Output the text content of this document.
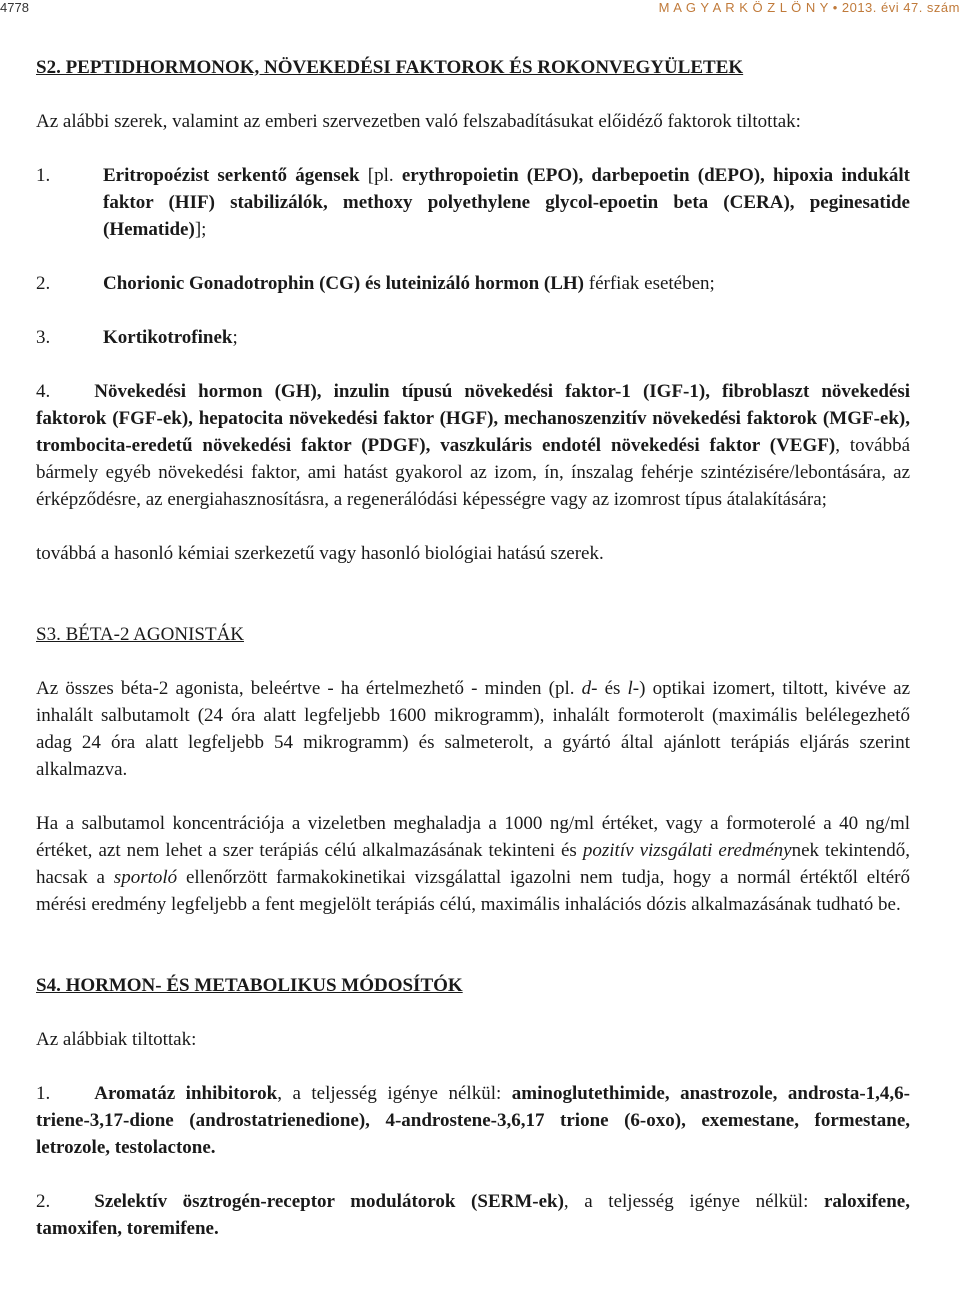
4778	M A G Y A R K Ö Z L Ö N Y • 2013. évi 47. szám

S2. PEPTIDHORMONOK, NÖVEKEDÉSI FAKTOROK ÉS ROKONVEGYÜLETEK

Az alábbi szerek, valamint az emberi szervezetben való felszabadításukat előidéző faktorok tiltottak:

1.	Eritropoézist serkentő ágensek [pl. erythropoietin (EPO), darbepoetin (dEPO), hipoxia indukált faktor (HIF) stabilizálók, methoxy polyethylene glycol-epoetin beta (CERA), peginesatide (Hematide)];
2.	Chorionic Gonadotrophin (CG) és luteinizáló hormon (LH) férfiak esetében;
3.	Kortikotrofinek;
4. Növekedési hormon (GH), inzulin típusú növekedési faktor-1 (IGF-1), fibroblaszt növekedési faktorok (FGF-ek), hepatocita növekedési faktor (HGF), mechanoszenzitív növekedési faktorok (MGF-ek), trombocita-eredetű növekedési faktor (PDGF), vaszkuláris endotél növekedési faktor (VEGF), továbbá bármely egyéb növekedési faktor, ami hatást gyakorol az izom, ín, ínszalag fehérje szintézisére/lebontására, az érképződésre, az energiahasznosításra, a regenerálódási képességre vagy az izomrost típus átalakítására;

továbbá a hasonló kémiai szerkezetű vagy hasonló biológiai hatású szerek.

S3. BÉTA-2 AGONISTÁK

Az összes béta-2 agonista, beleértve - ha értelmezhető - minden (pl. d- és l-) optikai izomert, tiltott, kivéve az inhalált salbutamolt (24 óra alatt legfeljebb 1600 mikrogramm), inhalált formoterolt (maximális belélegezhető adag 24 óra alatt legfeljebb 54 mikrogramm) és salmeterolt, a gyártó által ajánlott terápiás eljárás szerint alkalmazva.

Ha a salbutamol koncentrációja a vizeletben meghaladja a 1000 ng/ml értéket, vagy a formoterolé a 40 ng/ml értéket, azt nem lehet a szer terápiás célú alkalmazásának tekinteni és pozitív vizsgálati eredménynek tekintendő, hacsak a sportoló ellenőrzött farmakokinetikai vizsgálattal igazolni nem tudja, hogy a normál értéktől eltérő mérési eredmény legfeljebb a fent megjelölt terápiás célú, maximális inhalációs dózis alkalmazásának tudható be.

S4. HORMON- ÉS METABOLIKUS MÓDOSÍTÓK

Az alábbiak tiltottak:

1. Aromatáz inhibitorok, a teljesség igénye nélkül: aminoglutethimide, anastrozole, androsta-1,4,6-triene-3,17-dione (androstatrienedione), 4-androstene-3,6,17 trione (6-oxo), exemestane, formestane, letrozole, testolactone.
2. Szelektív ösztrogén-receptor modulátorok (SERM-ek), a teljesség igénye nélkül: raloxifene, tamoxifen, toremifene.
